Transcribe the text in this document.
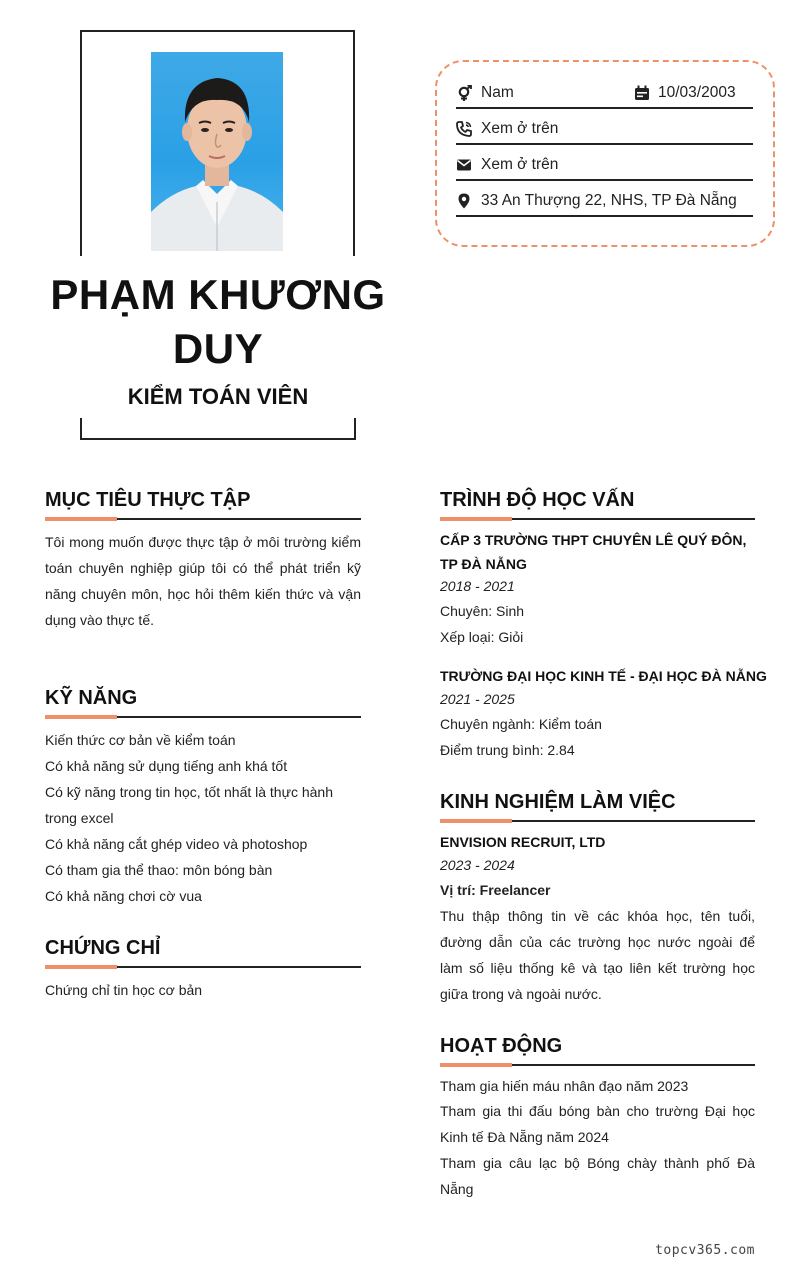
PHẠM KHƯƠNG DUY
KIỂM TOÁN VIÊN
Nam	10/03/2003
Xem ở trên
Xem ở trên
33 An Thượng 22, NHS, TP Đà Nẵng
MỤC TIÊU THỰC TẬP
Tôi mong muốn được thực tập ở môi trường kiểm toán chuyên nghiệp giúp tôi có thể phát triển kỹ năng chuyên môn, học hỏi thêm kiến thức và vận dụng vào thực tế.
KỸ NĂNG
Kiến thức cơ bản về kiểm toán
Có khả năng sử dụng tiếng anh khá tốt
Có kỹ năng trong tin học, tốt nhất là thực hành trong excel
Có khả năng cắt ghép video và photoshop
Có tham gia thể thao: môn bóng bàn
Có khả năng chơi cờ vua
CHỨNG CHỈ
Chứng chỉ tin học cơ bản
TRÌNH ĐỘ HỌC VẤN
CẤP 3 TRƯỜNG THPT CHUYÊN LÊ QUÝ ĐÔN, TP ĐÀ NẴNG
2018 - 2021
Chuyên: Sinh
Xếp loại: Giỏi
TRƯỜNG ĐẠI HỌC KINH TẾ - ĐẠI HỌC ĐÀ NẴNG
2021 - 2025
Chuyên ngành: Kiểm toán
Điểm trung bình: 2.84
KINH NGHIỆM LÀM VIỆC
ENVISION RECRUIT, LTD
2023 - 2024
Vị trí: Freelancer
Thu thập thông tin về các khóa học, tên tuổi, đường dẫn của các trường học nước ngoài để làm số liệu thống kê và tạo liên kết trường học giữa trong và ngoài nước.
HOẠT ĐỘNG
Tham gia hiến máu nhân đạo năm 2023
Tham gia thi đấu bóng bàn cho trường Đại học Kinh tế Đà Nẵng năm 2024
Tham gia câu lạc bộ Bóng chày thành phố Đà Nẵng
topcv365.com
